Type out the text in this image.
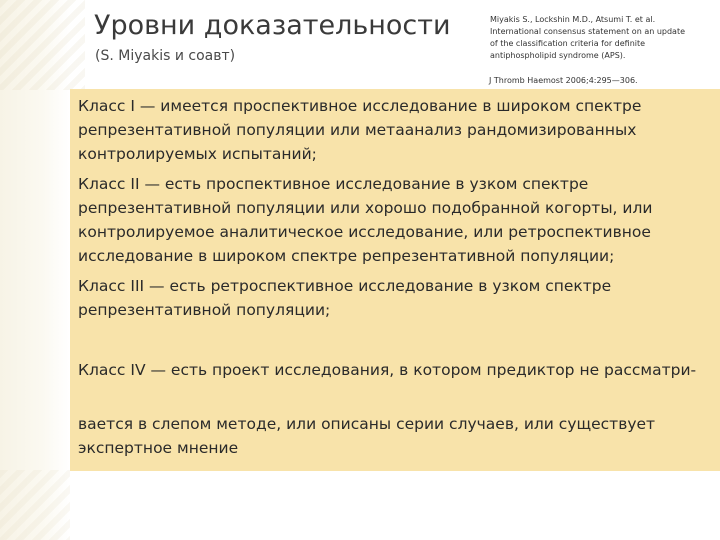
Уровни доказательности
(S. Miyakis и соавт)
Miyakis S., Lockshin M.D., Atsumi T. et al. International consensus statement on an update of the classification criteria for definite antiphospholipid syndrome (APS).
J Thromb Haemost 2006;4:295—306.
Класс I — имеется проспективное исследование в широком спектре репрезентативной популяции или метаанализ рандомизированных контролируемых испытаний;
Класс II — есть проспективное исследование в узком спектре репрезентативной популяции или хорошо подобранной когорты, или контролируемое аналитическое исследование, или ретроспективное исследование в широком спектре репрезентативной популяции;
Класс III — есть ретроспективное исследование в узком спектре репрезентативной популяции;
Класс IV — есть проект исследования, в котором предиктор не рассматри-
вается в слепом методе, или описаны серии случаев, или существует экспертное мнение
